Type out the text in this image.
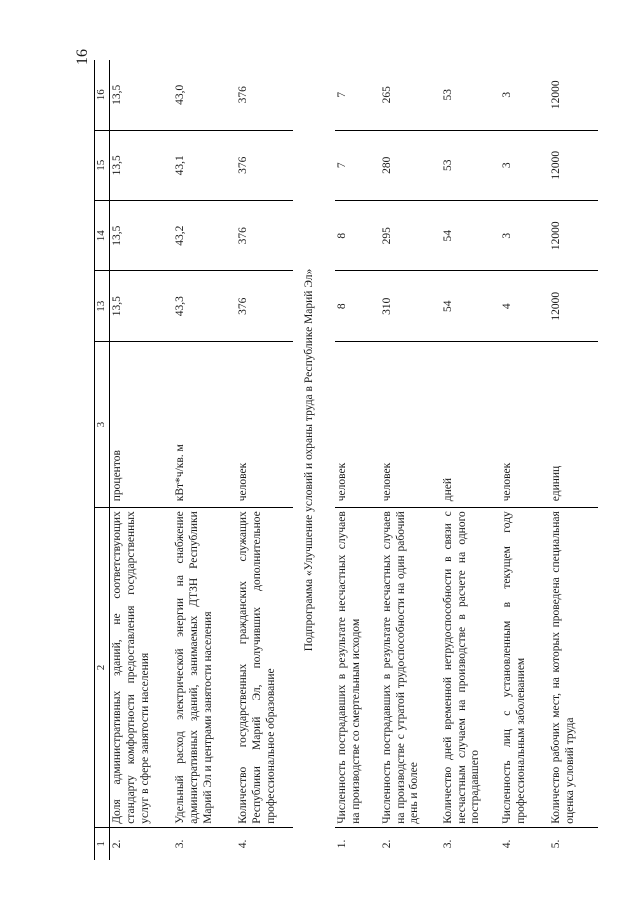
16
1	2	3	13	14	15	16
2.	Доля административных зданий, не соответствующих стандарту комфортности предоставления государственных услуг в сфере занятости населения	процентов	13,5	13,5	13,5	13,5
3.	Удельный расход электрической энергии на снабжение административных зданий, занимаемых ДТЗН Республики Марий Эл и центрами занятости населения	кВт*ч/кв. м	43,3	43,2	43,1	43,0
4.	Количество государственных гражданских служащих Республики Марий Эл, получивших дополнительное профессиональное образование	человек	376	376	376	376
Подпрограмма «Улучшение условий и охраны труда в Республике Марий Эл»						
1.	Численность пострадавших в результате несчастных случаев на производстве со смертельным исходом	человек	8	8	7	7
2.	Численность пострадавших в результате несчастных случаев на производстве с утратой трудоспособности на один рабочий день и более	человек	310	295	280	265
3.	Количество дней временной нетрудоспособности в связи с несчастным случаем на производстве в расчете на одного пострадавшего	дней	54	54	53	53
4.	Численность лиц с установленным в текущем году профессиональным заболеванием	человек	4	3	3	3
5.	Количество рабочих мест, на которых проведена специальная оценка условий труда	единиц	12000	12000	12000	12000
